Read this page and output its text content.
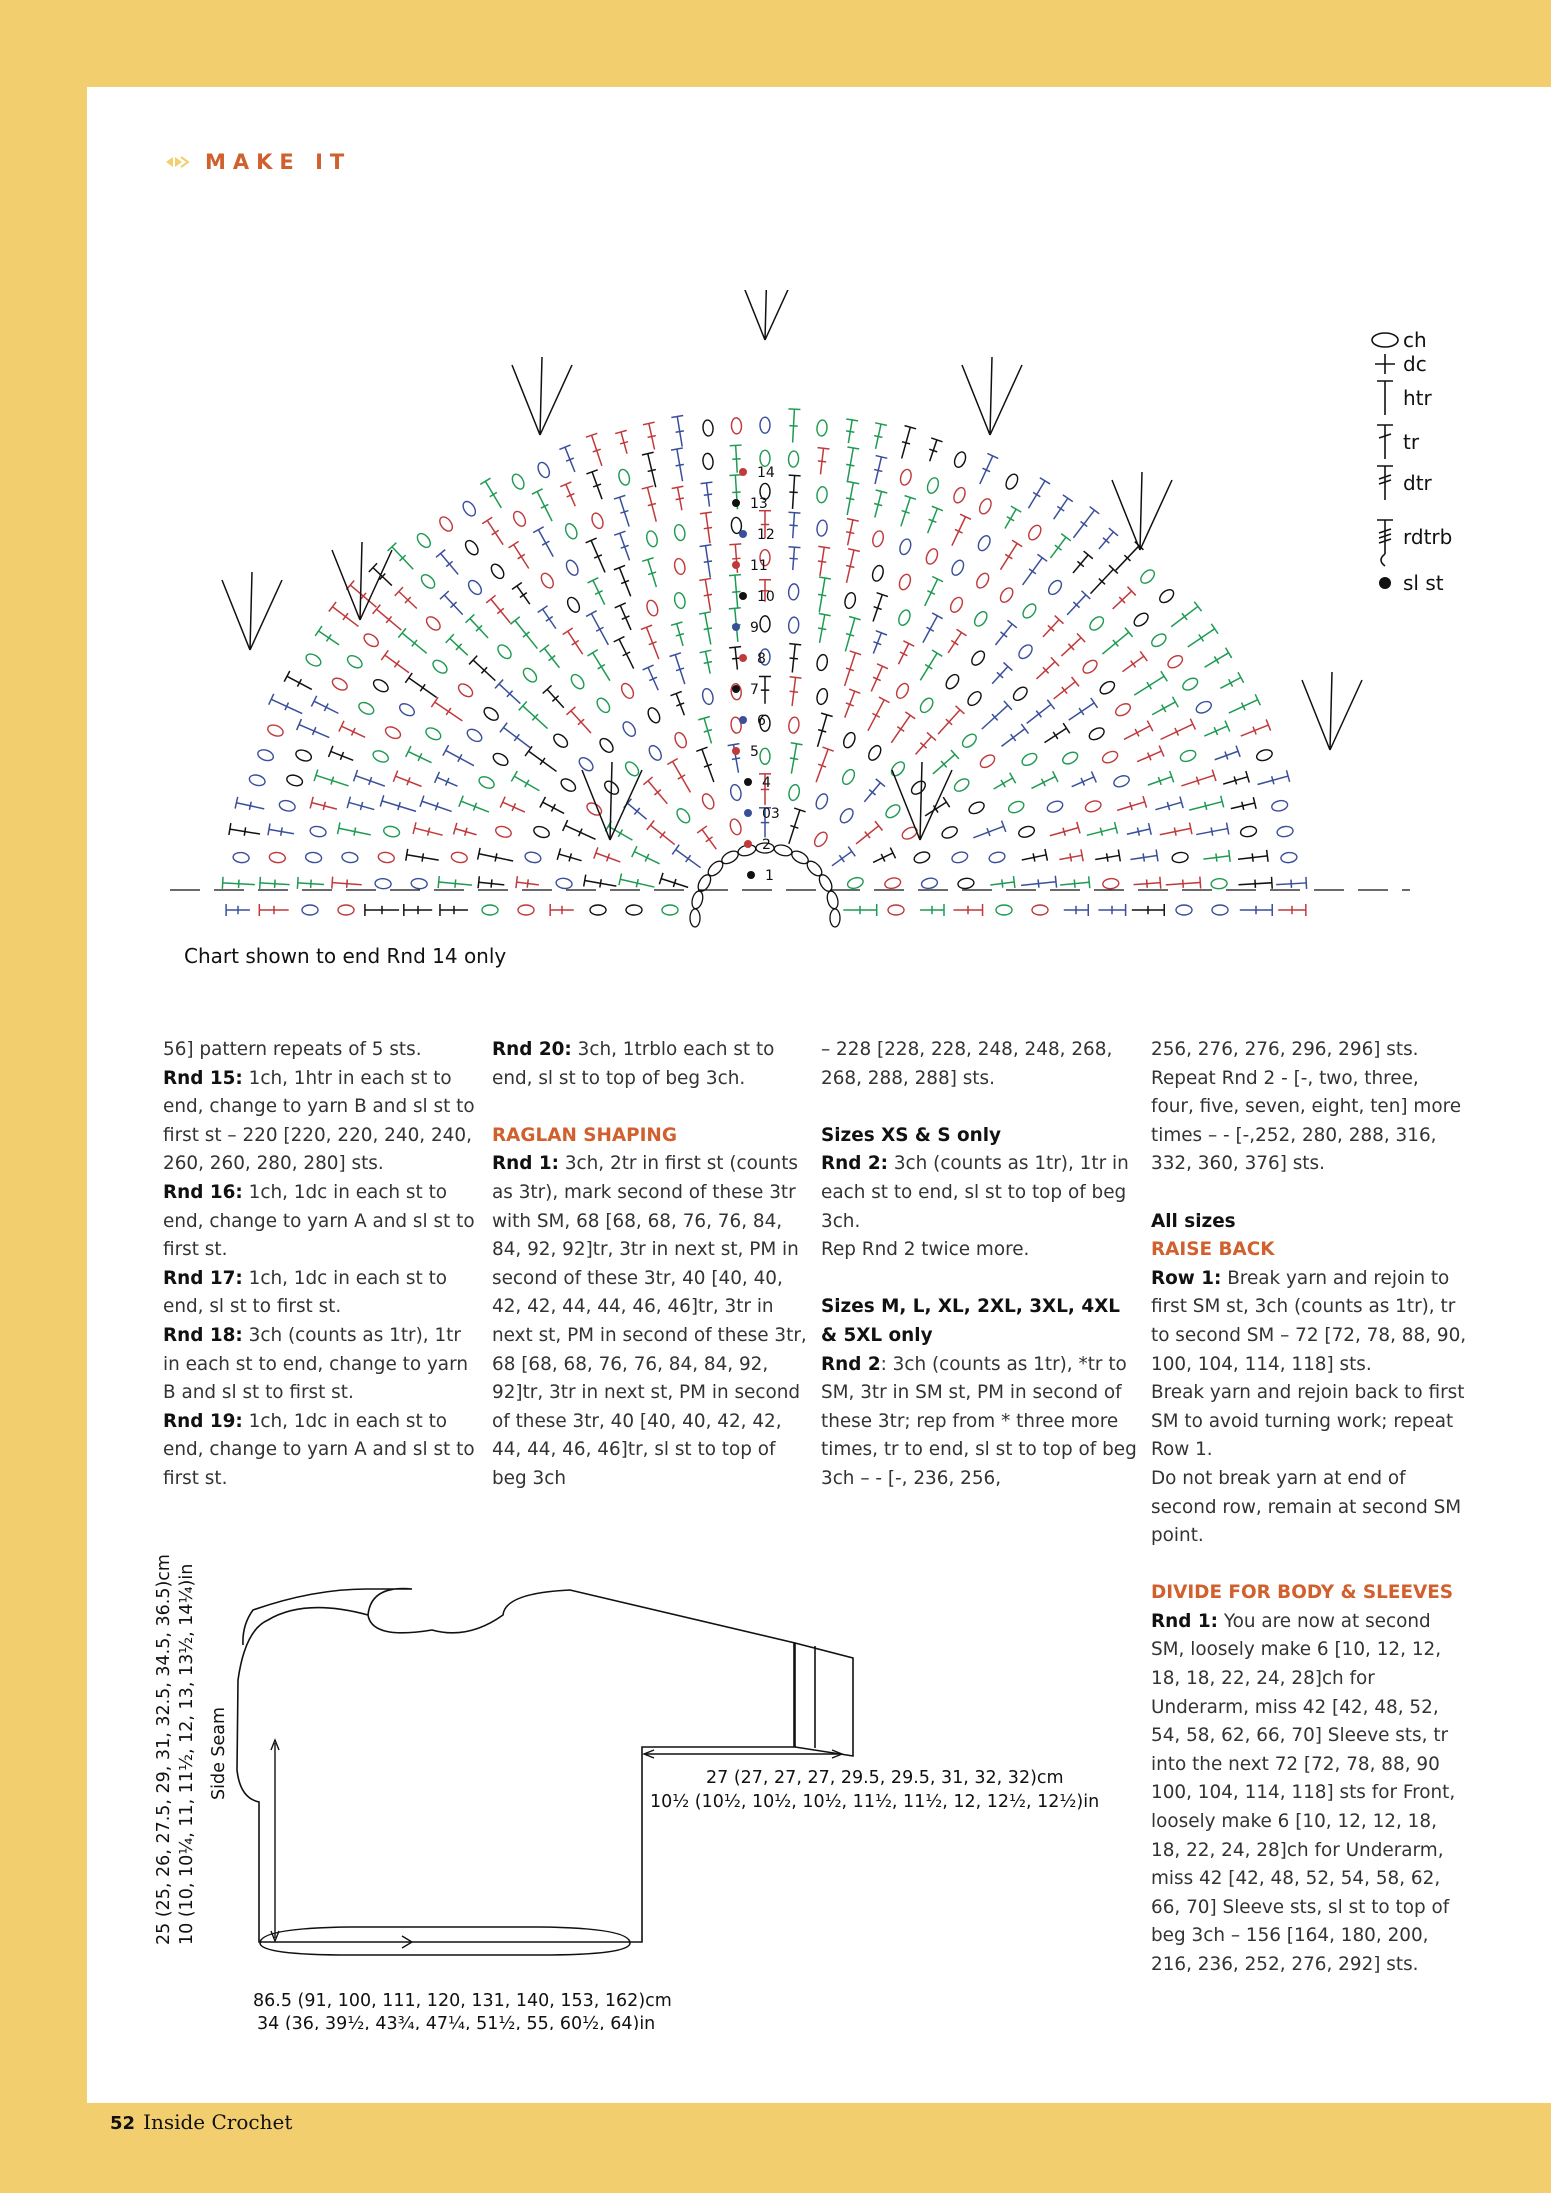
MAKE IT
1
2
03
4
5
6
7
8
9
10
11
12
13
14
ch
dc
htr
tr
dtr
rdtrb
sl st
Chart shown to end Rnd 14 only

56] pattern repeats of 5 sts.

Rnd 15: 1ch, 1htr in each st to end, change to yarn B and sl st to first st – 220 [220, 220, 240, 240, 260, 260, 280, 280] sts.

Rnd 16: 1ch, 1dc in each st to end, change to yarn A and sl st to first st.

Rnd 17: 1ch, 1dc in each st to end, sl st to first st.

Rnd 18: 3ch (counts as 1tr), 1tr in each st to end, change to yarn B and sl st to first st.

Rnd 19: 1ch, 1dc in each st to end, change to yarn A and sl st to first st.

Rnd 20: 3ch, 1trblo each st to end, sl st to top of beg 3ch.

RAGLAN SHAPING

Rnd 1: 3ch, 2tr in first st (counts as 3tr), mark second of these 3tr with SM, 68 [68, 68, 76, 76, 84, 84, 92, 92]tr, 3tr in next st, PM in second of these 3tr, 40 [40, 40, 42, 42, 44, 44, 46, 46]tr, 3tr in next st, PM in second of these 3tr, 68 [68, 68, 76, 76, 84, 84, 92, 92]tr, 3tr in next st, PM in second of these 3tr, 40 [40, 40, 42, 42, 44, 44, 46, 46]tr, sl st to top of beg 3ch

– 228 [228, 228, 248, 248, 268, 268, 288, 288] sts.

Sizes XS & S only

Rnd 2: 3ch (counts as 1tr), 1tr in each st to end, sl st to top of beg 3ch.

Rep Rnd 2 twice more.

Sizes M, L, XL, 2XL, 3XL, 4XL & 5XL only

Rnd 2: 3ch (counts as 1tr), *tr to SM, 3tr in SM st, PM in second of these 3tr; rep from * three more times, tr to end, sl st to top of beg 3ch – - [-, 236, 256,

256, 276, 276, 296, 296] sts.

Repeat Rnd 2 - [-, two, three, four, five, seven, eight, ten] more times – - [-,252, 280, 288, 316, 332, 360, 376] sts.

All sizes

RAISE BACK

Row 1: Break yarn and rejoin to first SM st, 3ch (counts as 1tr), tr to second SM – 72 [72, 78, 88, 90, 100, 104, 114, 118] sts.

Break yarn and rejoin back to first SM to avoid turning work; repeat Row 1.

Do not break yarn at end of second row, remain at second SM point.

DIVIDE FOR BODY & SLEEVES

Rnd 1: You are now at second SM, loosely make 6 [10, 12, 12, 18, 18, 22, 24, 28]ch for Underarm, miss 42 [42, 48, 52, 54, 58, 62, 66, 70] Sleeve sts, tr into the next 72 [72, 78, 88, 90 100, 104, 114, 118] sts for Front, loosely make 6 [10, 12, 12, 18, 18, 22, 24, 28]ch for Underarm, miss 42 [42, 48, 52, 54, 58, 62, 66, 70] Sleeve sts, sl st to top of beg 3ch – 156 [164, 180, 200, 216, 236, 252, 276, 292] sts.

25 (25, 26, 27.5, 29, 31, 32.5, 34.5, 36.5)cm 10 (10, 10¼, 11, 11½, 12, 13, 13½, 14¼)in Side Seam	27 (27, 27, 27, 29.5, 29.5, 31, 32, 32)cm
10½ (10½, 10½, 10½, 11½, 11½, 12, 12½, 12½)in
86.5 (91, 100, 111, 120, 131, 140, 153, 162)cm
34 (36, 39½, 43¾, 47¼, 51½, 55, 60½, 64)in
52 Inside Crochet
